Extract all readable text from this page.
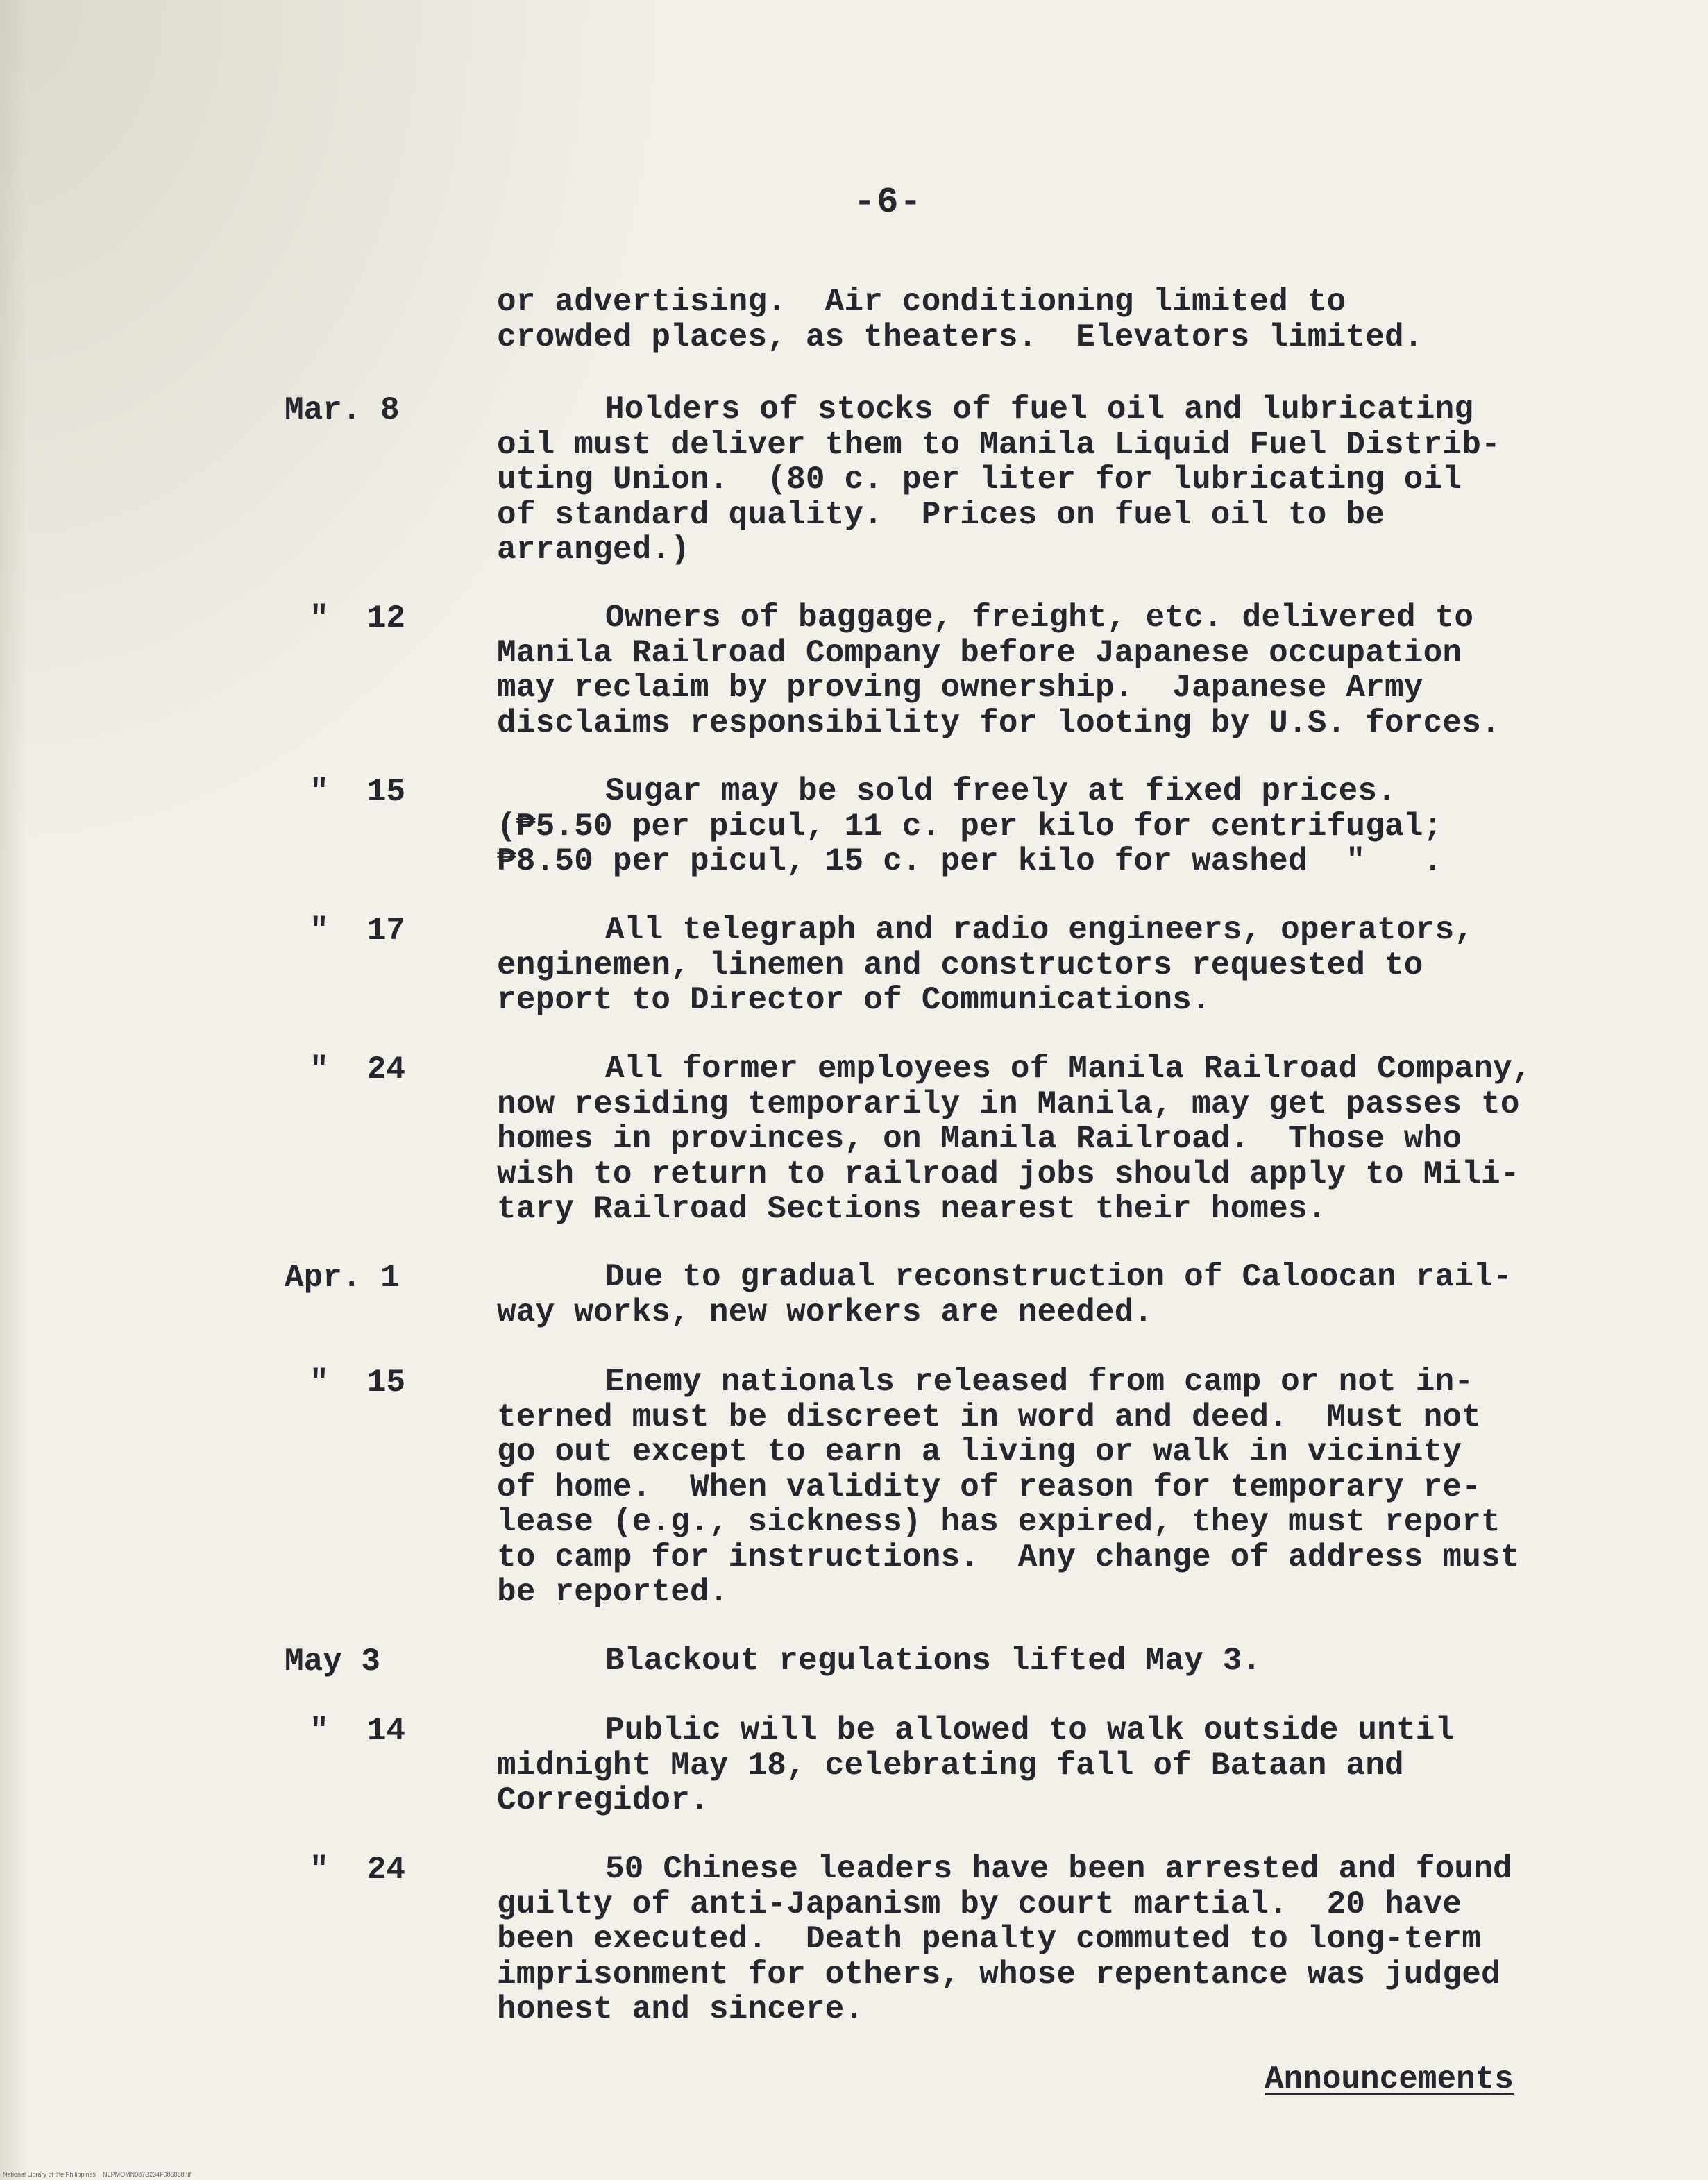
-6-
or advertising.  Air conditioning limited to
crowded places, as theaters.  Elevators limited.
Mar. 8	Holders of stocks of fuel oil and lubricating
oil must deliver them to Manila Liquid Fuel Distrib-
uting Union.  (80 c. per liter for lubricating oil
of standard quality.  Prices on fuel oil to be
arranged.)
"  12	Owners of baggage, freight, etc. delivered to
Manila Railroad Company before Japanese occupation
may reclaim by proving ownership.  Japanese Army
disclaims responsibility for looting by U.S. forces.
"  15	Sugar may be sold freely at fixed prices.
(₱5.50 per picul, 11 c. per kilo for centrifugal;
₱8.50 per picul, 15 c. per kilo for washed  "   .
"  17	All telegraph and radio engineers, operators,
enginemen, linemen and constructors requested to
report to Director of Communications.
"  24	All former employees of Manila Railroad Company,
now residing temporarily in Manila, may get passes to
homes in provinces, on Manila Railroad.  Those who
wish to return to railroad jobs should apply to Mili-
tary Railroad Sections nearest their homes.
Apr. 1	Due to gradual reconstruction of Caloocan rail-
way works, new workers are needed.
"  15	Enemy nationals released from camp or not in-
terned must be discreet in word and deed.  Must not
go out except to earn a living or walk in vicinity
of home.  When validity of reason for temporary re-
lease (e.g., sickness) has expired, they must report
to camp for instructions.  Any change of address must
be reported.
May 3	Blackout regulations lifted May 3.
"  14	Public will be allowed to walk outside until
midnight May 18, celebrating fall of Bataan and
Corregidor.
"  24	50 Chinese leaders have been arrested and found
guilty of anti-Japanism by court martial.  20 have
been executed.  Death penalty commuted to long-term
imprisonment for others, whose repentance was judged
honest and sincere.
Announcements
National Library of the Philippines    NLPMOMN087B234F086888.tif
